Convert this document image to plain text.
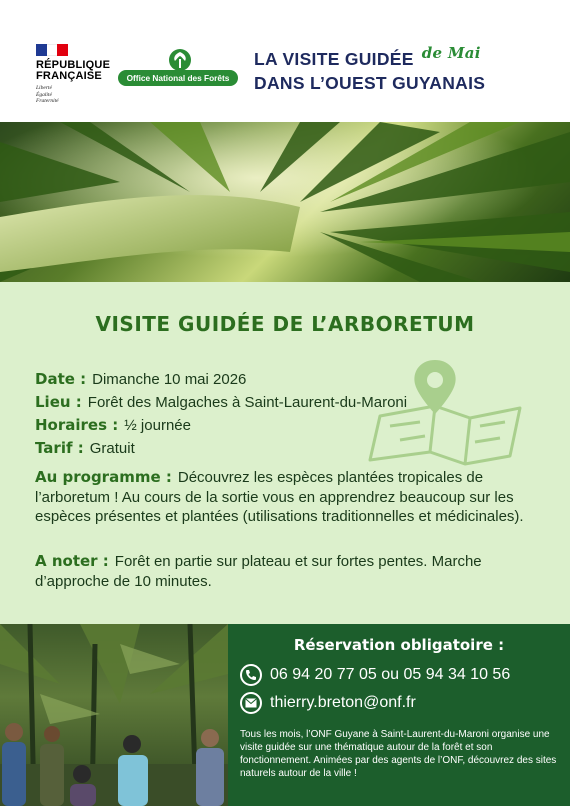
RÉPUBLIQUE
FRANÇAISE
Liberté
Égalité
Fraternité
Office National des Forêts
LA VISITE GUIDÉE de Mai
DANS L’OUEST GUYANAIS
VISITE GUIDÉE DE L’ARBORETUM
Date : Dimanche 10 mai 2026
Lieu : Forêt des Malgaches à Saint-Laurent-du-Maroni
Horaires : ½ journée
Tarif : Gratuit
Au programme : Découvrez les espèces plantées tropicales de l’arboretum ! Au cours de la sortie vous en apprendrez beaucoup sur les espèces présentes et plantées (utilisations traditionnelles et médicinales).
A noter : Forêt en partie sur plateau et sur fortes pentes. Marche d’approche de 10 minutes.
Réservation obligatoire :
06 94 20 77 05 ou 05 94 34 10 56
thierry.breton@onf.fr
Tous les mois, l’ONF Guyane à Saint-Laurent-du-Maroni organise une visite guidée sur une thématique autour de la forêt et son fonctionnement. Animées par des agents de l’ONF, découvrez des sites naturels autour de la ville !
